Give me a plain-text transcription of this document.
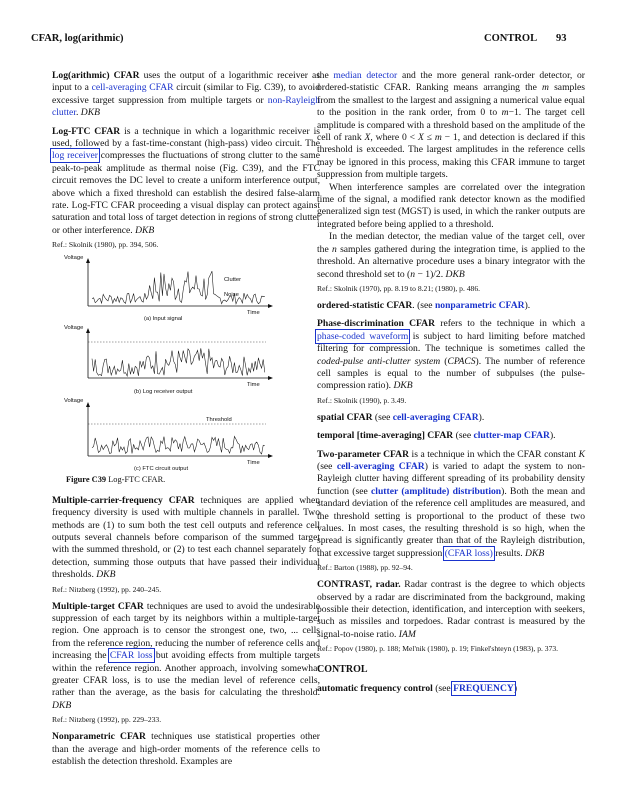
CFAR, log(arithmic)	CONTROL 93

Log(arithmic) CFAR uses the output of a logarithmic receiver as input to a cell-averaging CFAR circuit (similar to Fig. C39), to avoid excessive target suppression from multiple targets or non-Rayleigh clutter. DKB

Log-FTC CFAR is a technique in which a logarithmic receiver is used, followed by a fast-time-constant (high-pass) video circuit. The log receiver compresses the fluctuations of strong clutter to the same peak-to-peak amplitude as thermal noise (Fig. C39), and the FTC circuit removes the DC level to create a uniform interference output, above which a fixed threshold can establish the desired false-alarm rate. Log-FTC CFAR proceeding a visual display can protect against saturation and total loss of target detection in regions of strong clutter or other interference. DKB

Ref.: Skolnik (1980), pp. 394, 506.

Voltage
Clutter
Noise
Time
(a) Input signal
Voltage
Time
(b) Log receiver output
Voltage
Threshold
Time
(c) FTC circuit output

Figure C39 Log-FTC CFAR.

Multiple-carrier-frequency CFAR techniques are applied when frequency diversity is used with multiple channels in parallel. Two methods are (1) to sum both the test cell outputs and reference cell outputs several channels before comparison of the summed target with the summed threshold, or (2) to test each channel separately for detection, summing those outputs that have passed their individual thresholds. DKB

Ref.: Nitzberg (1992), pp. 240–245.

Multiple-target CFAR techniques are used to avoid the undesirable suppression of each target by its neighbors within a multiple-target region. One approach is to censor the strongest one, two, ... cells from the reference region, reducing the number of reference cells and increasing the CFAR loss but avoiding effects from multiple targets within the reference region. Another approach, involving somewhat greater CFAR loss, is to use the median level of reference cells, rather than the average, as the basis for calculating the threshold. DKB

Ref.: Nitzberg (1992), pp. 229–233.

Nonparametric CFAR techniques use statistical properties other than the average and high-order moments of the reference cells to establish the detection threshold. Examples are

the median detector and the more general rank-order detector, or ordered-statistic CFAR. Ranking means arranging the m samples from the smallest to the largest and assigning a numerical value equal to the position in the rank order, from 0 to m−1. The target cell amplitude is compared with a threshold based on the amplitude of the cell of rank X, where 0 < X ≤ m − 1, and detection is declared if this threshold is exceeded. The largest amplitudes in the reference cells may be ignored in this process, making this CFAR immune to target suppression from multiple targets.

When interference samples are correlated over the integration time of the signal, a modified rank detector known as the modified generalized sign test (MGST) is used, in which the ranker outputs are integrated before being applied to a threshold.

In the median detector, the median value of the target cell, over the n samples gathered during the integration time, is applied to the threshold. An alternative procedure uses a binary integrator with the second threshold set to (n − 1)/2. DKB

Ref.: Skolnik (1970), pp. 8.19 to 8.21; (1980), p. 486.

ordered-statistic CFAR. (see nonparametric CFAR).

Phase-discrimination CFAR refers to the technique in which a phase-coded waveform is subject to hard limiting before matched filtering for compression. The technique is sometimes called the coded-pulse anti-clutter system (CPACS). The number of reference cell samples is equal to the number of subpulses (the pulse-compression ratio). DKB

Ref.: Skolnik (1990), p. 3.49.

spatial CFAR (see cell-averaging CFAR).

temporal [time-averaging] CFAR (see clutter-map CFAR).

Two-parameter CFAR is a technique in which the CFAR constant K (see cell-averaging CFAR) is varied to adapt the system to non-Rayleigh clutter having different spreading of its probability density function (see clutter (amplitude) distribution). Both the mean and standard deviation of the reference cell amplitudes are measured, and the threshold setting is proportional to the product of these two values. In most cases, the resulting threshold is so high, when the spread is significantly greater than that of the Rayleigh distribution, that excessive target suppression (CFAR loss) results. DKB

Ref.: Barton (1988), pp. 92–94.

CONTRAST, radar. Radar contrast is the degree to which objects observed by a radar are discriminated from the background, making possible their detection, identification, and interception with seekers, such as missiles and torpedoes. Radar contrast is measured by the signal-to-noise ratio. IAM

Ref.: Popov (1980), p. 188; Mel'nik (1980), p. 19; Finkel'shteyn (1983), p. 373.

CONTROL

automatic frequency control (see FREQUENCY)
